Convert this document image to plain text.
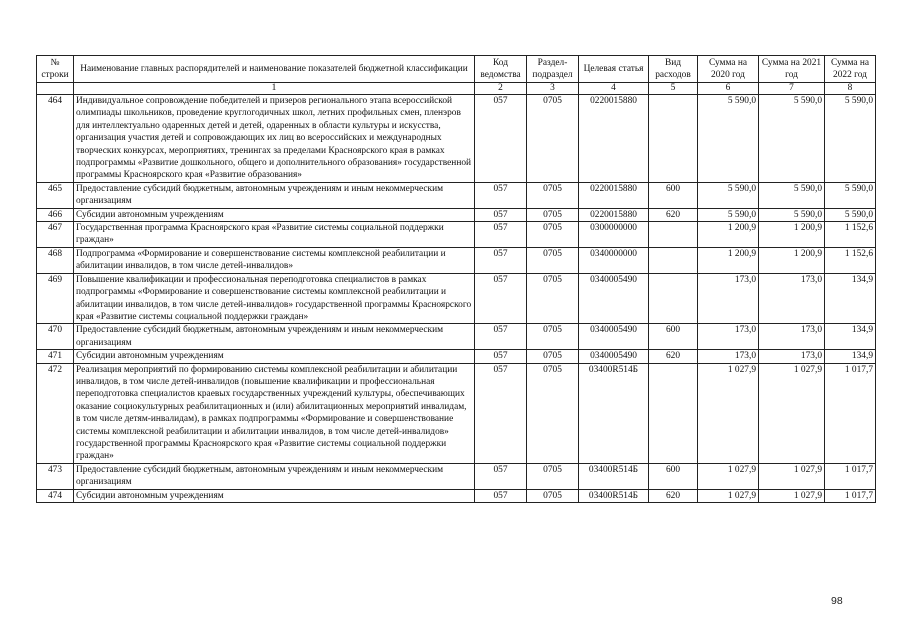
№ строки	Наименование главных распорядителей и наименование показателей бюджетной классификации	Код ведомства	Раздел-подраздел	Целевая статья	Вид расходов	Сумма на 2020 год	Сумма на 2021 год	Сумма на 2022 год
	1	2	3	4	5	6	7	8
464	Индивидуальное сопровождение победителей и призеров регионального этапа всероссийской олимпиады школьников, проведение круглогодичных школ, летних профильных смен, пленэров для интеллектуально одаренных детей и детей, одаренных в области культуры и искусства, организация участия детей и сопровождающих их лиц во всероссийских и международных творческих конкурсах, мероприятиях, тренингах за пределами Красноярского края в рамках подпрограммы «Развитие дошкольного, общего и дополнительного образования» государственной программы Красноярского края «Развитие образования»	057	0705	0220015880		5 590,0	5 590,0	5 590,0
465	Предоставление субсидий бюджетным, автономным учреждениям и иным некоммерческим организациям	057	0705	0220015880	600	5 590,0	5 590,0	5 590,0
466	Субсидии автономным учреждениям	057	0705	0220015880	620	5 590,0	5 590,0	5 590,0
467	Государственная программа Красноярского края «Развитие системы социальной поддержки граждан»	057	0705	0300000000		1 200,9	1 200,9	1 152,6
468	Подпрограмма «Формирование и совершенствование системы комплексной реабилитации и абилитации инвалидов, в том числе детей-инвалидов»	057	0705	0340000000		1 200,9	1 200,9	1 152,6
469	Повышение квалификации и профессиональная переподготовка специалистов в рамках подпрограммы «Формирование и совершенствование системы комплексной реабилитации и абилитации инвалидов, в том числе детей-инвалидов» государственной программы Красноярского края «Развитие системы социальной поддержки граждан»	057	0705	0340005490		173,0	173,0	134,9
470	Предоставление субсидий бюджетным, автономным учреждениям и иным некоммерческим организациям	057	0705	0340005490	600	173,0	173,0	134,9
471	Субсидии автономным учреждениям	057	0705	0340005490	620	173,0	173,0	134,9
472	Реализация мероприятий по формированию системы комплексной реабилитации и абилитации инвалидов, в том числе детей-инвалидов (повышение квалификации и профессиональная переподготовка специалистов краевых государственных учреждений культуры, обеспечивающих оказание социокультурных реабилитационных и (или) абилитационных мероприятий инвалидам, в том числе детям-инвалидам), в рамках подпрограммы «Формирование и совершенствование системы комплексной реабилитации и абилитации инвалидов, в том числе детей-инвалидов» государственной программы Красноярского края «Развитие системы социальной поддержки граждан»	057	0705	03400R514Б		1 027,9	1 027,9	1 017,7
473	Предоставление субсидий бюджетным, автономным учреждениям и иным некоммерческим организациям	057	0705	03400R514Б	600	1 027,9	1 027,9	1 017,7
474	Субсидии автономным учреждениям	057	0705	03400R514Б	620	1 027,9	1 027,9	1 017,7
98
